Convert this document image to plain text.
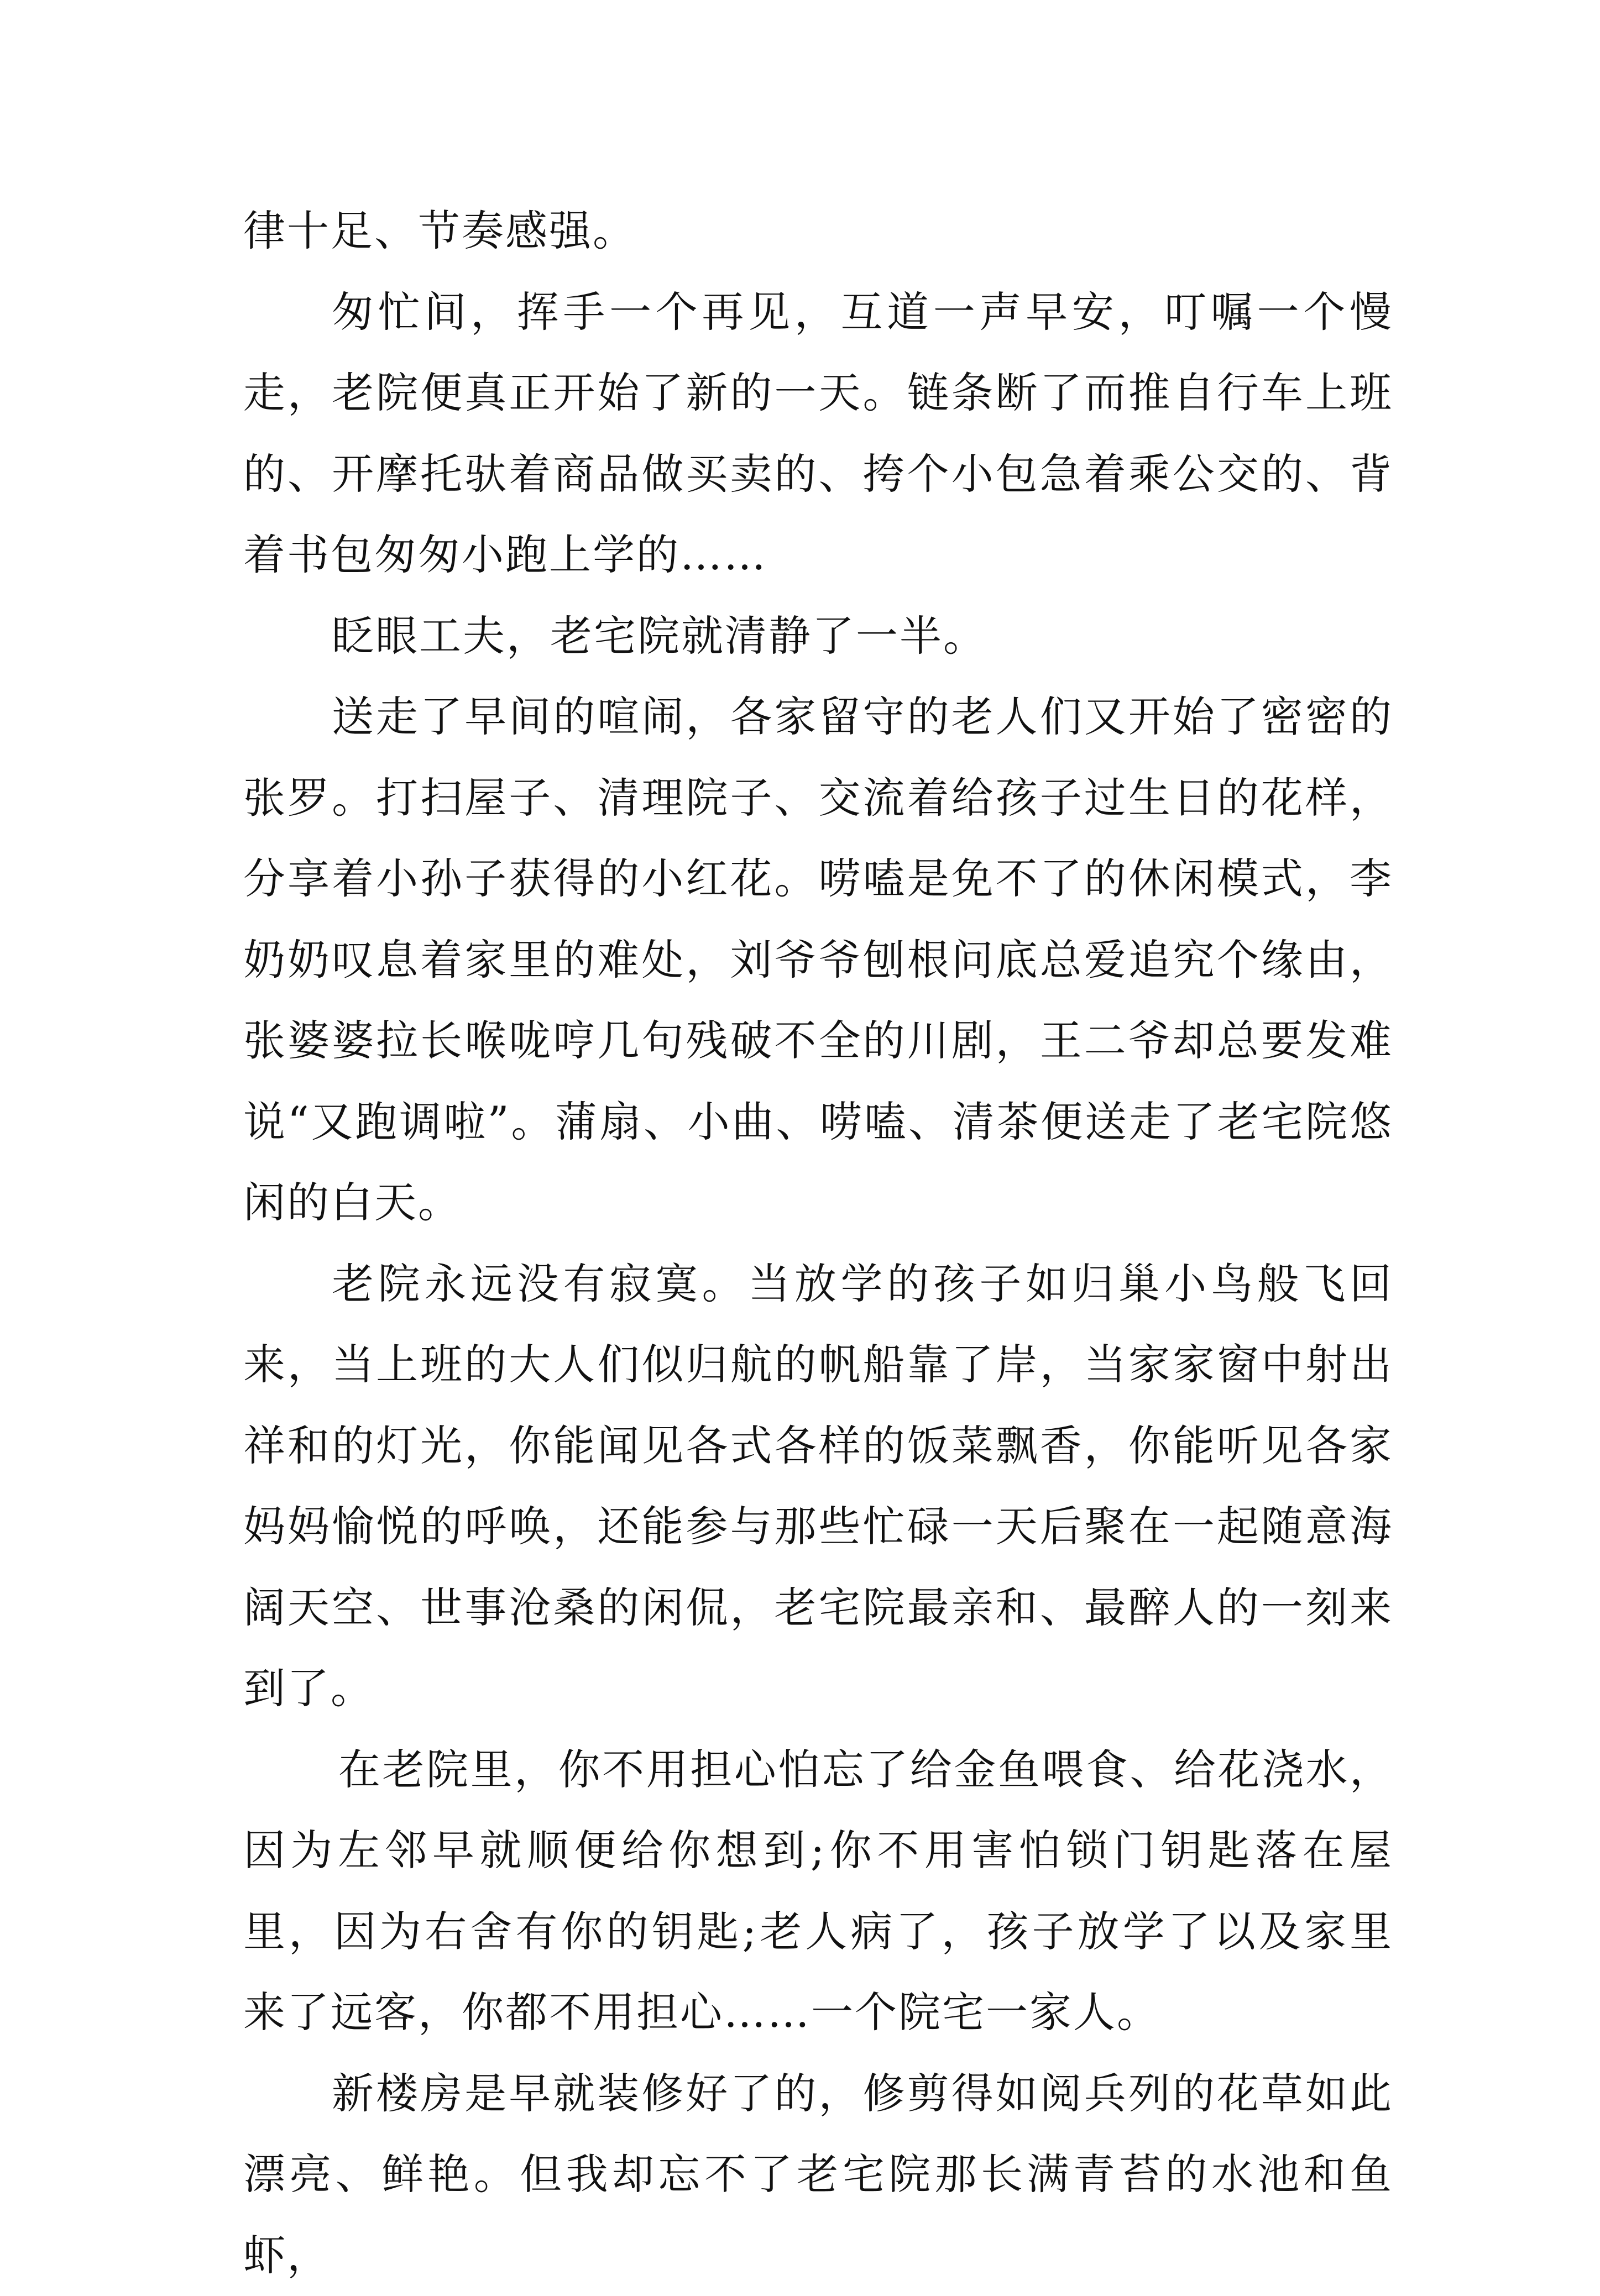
律十足、节奏感强。

匆忙间，挥手一个再见，互道一声早安，叮嘱一个慢走，老院便真正开始了新的一天。链条断了而推自行车上班的、开摩托驮着商品做买卖的、挎个小包急着乘公交的、背着书包匆匆小跑上学的……

眨眼工夫，老宅院就清静了一半。

送走了早间的喧闹，各家留守的老人们又开始了密密的张罗。打扫屋子、清理院子、交流着给孩子过生日的花样，分享着小孙子获得的小红花。唠嗑是免不了的休闲模式，李奶奶叹息着家里的难处，刘爷爷刨根问底总爱追究个缘由，张婆婆拉长喉咙哼几句残破不全的川剧，王二爷却总要发难说“又跑调啦”。蒲扇、小曲、唠嗑、清茶便送走了老宅院悠闲的白天。

老院永远没有寂寞。当放学的孩子如归巢小鸟般飞回来，当上班的大人们似归航的帆船靠了岸，当家家窗中射出祥和的灯光，你能闻见各式各样的饭菜飘香，你能听见各家妈妈愉悦的呼唤，还能参与那些忙碌一天后聚在一起随意海阔天空、世事沧桑的闲侃，老宅院最亲和、最醉人的一刻来到了。

在老院里，你不用担心怕忘了给金鱼喂食、给花浇水，因为左邻早就顺便给你想到;你不用害怕锁门钥匙落在屋里，因为右舍有你的钥匙;老人病了，孩子放学了以及家里来了远客，你都不用担心……一个院宅一家人。

新楼房是早就装修好了的，修剪得如阅兵列的花草如此漂亮、鲜艳。但我却忘不了老宅院那长满青苔的水池和鱼虾，
